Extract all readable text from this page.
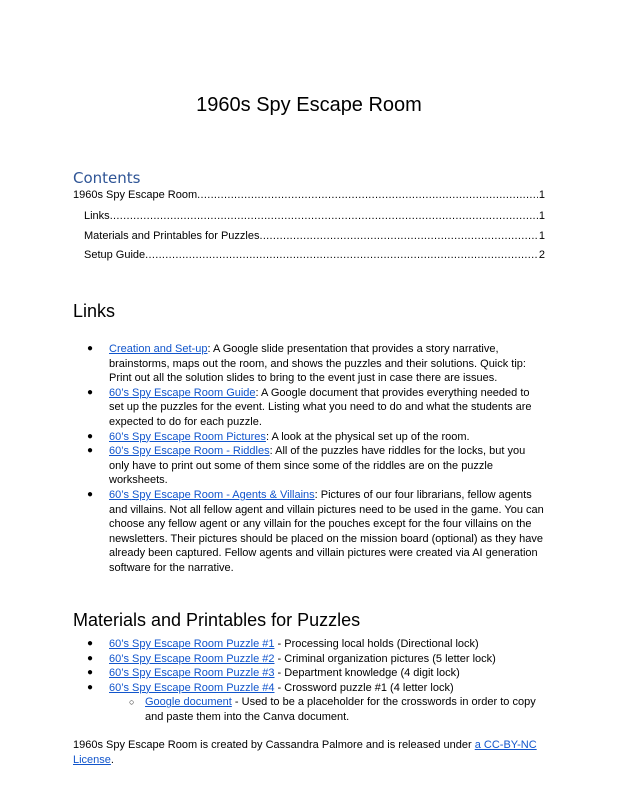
1960s Spy Escape Room
Contents
1960s Spy Escape Room .....	1
Links .....	1
Materials and Printables for Puzzles .....	1
Setup Guide .....	2
Links
● Creation and Set-up: A Google slide presentation that provides a story narrative, brainstorms, maps out the room, and shows the puzzles and their solutions. Quick tip: Print out all the solution slides to bring to the event just in case there are issues.
● 60’s Spy Escape Room Guide: A Google document that provides everything needed to set up the puzzles for the event. Listing what you need to do and what the students are expected to do for each puzzle.
● 60’s Spy Escape Room Pictures: A look at the physical set up of the room.
● 60’s Spy Escape Room - Riddles: All of the puzzles have riddles for the locks, but you only have to print out some of them since some of the riddles are on the puzzle worksheets.
● 60’s Spy Escape Room - Agents & Villains: Pictures of our four librarians, fellow agents and villains. Not all fellow agent and villain pictures need to be used in the game. You can choose any fellow agent or any villain for the pouches except for the four villains on the newsletters. Their pictures should be placed on the mission board (optional) as they have already been captured. Fellow agents and villain pictures were created via AI generation software for the narrative.
Materials and Printables for Puzzles
● 60’s Spy Escape Room Puzzle #1 - Processing local holds (Directional lock)
● 60’s Spy Escape Room Puzzle #2 - Criminal organization pictures (5 letter lock)
● 60’s Spy Escape Room Puzzle #3 - Department knowledge (4 digit lock)
● 60’s Spy Escape Room Puzzle #4 - Crossword puzzle #1 (4 letter lock)
○ Google document - Used to be a placeholder for the crosswords in order to copy and paste them into the Canva document.
1960s Spy Escape Room is created by Cassandra Palmore and is released under a CC-BY-NC License.
